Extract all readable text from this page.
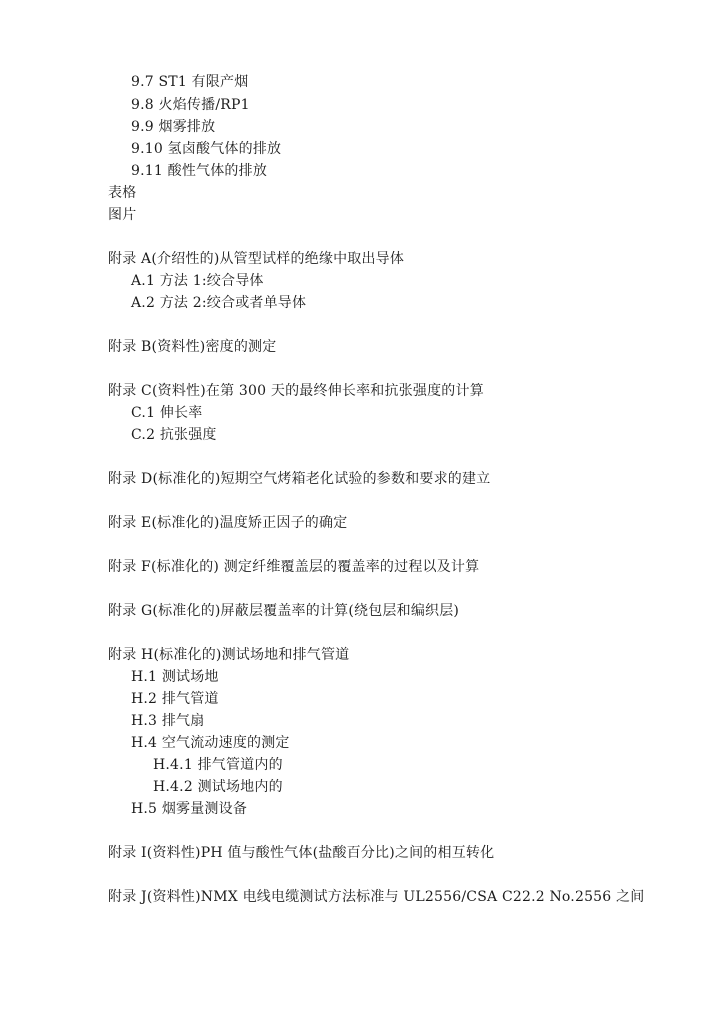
9.7 ST1 有限产烟
9.8 火焰传播/RP1
9.9 烟雾排放
9.10 氢卤酸气体的排放
9.11 酸性气体的排放
表格
图片
附录 A(介绍性的)从管型试样的绝缘中取出导体
A.1 方法 1:绞合导体
A.2 方法 2:绞合或者单导体
附录 B(资料性)密度的测定
附录 C(资料性)在第 300 天的最终伸长率和抗张强度的计算
C.1 伸长率
C.2 抗张强度
附录 D(标准化的)短期空气烤箱老化试验的参数和要求的建立
附录 E(标准化的)温度矫正因子的确定
附录 F(标准化的) 测定纤维覆盖层的覆盖率的过程以及计算
附录 G(标准化的)屏蔽层覆盖率的计算(绕包层和编织层)
附录 H(标准化的)测试场地和排气管道
H.1 测试场地
H.2 排气管道
H.3 排气扇
H.4 空气流动速度的测定
H.4.1 排气管道内的
H.4.2 测试场地内的
H.5 烟雾量测设备
附录 I(资料性)PH 值与酸性气体(盐酸百分比)之间的相互转化
附录 J(资料性)NMX 电线电缆测试方法标准与 UL2556/CSA C22.2 No.2556 之间
